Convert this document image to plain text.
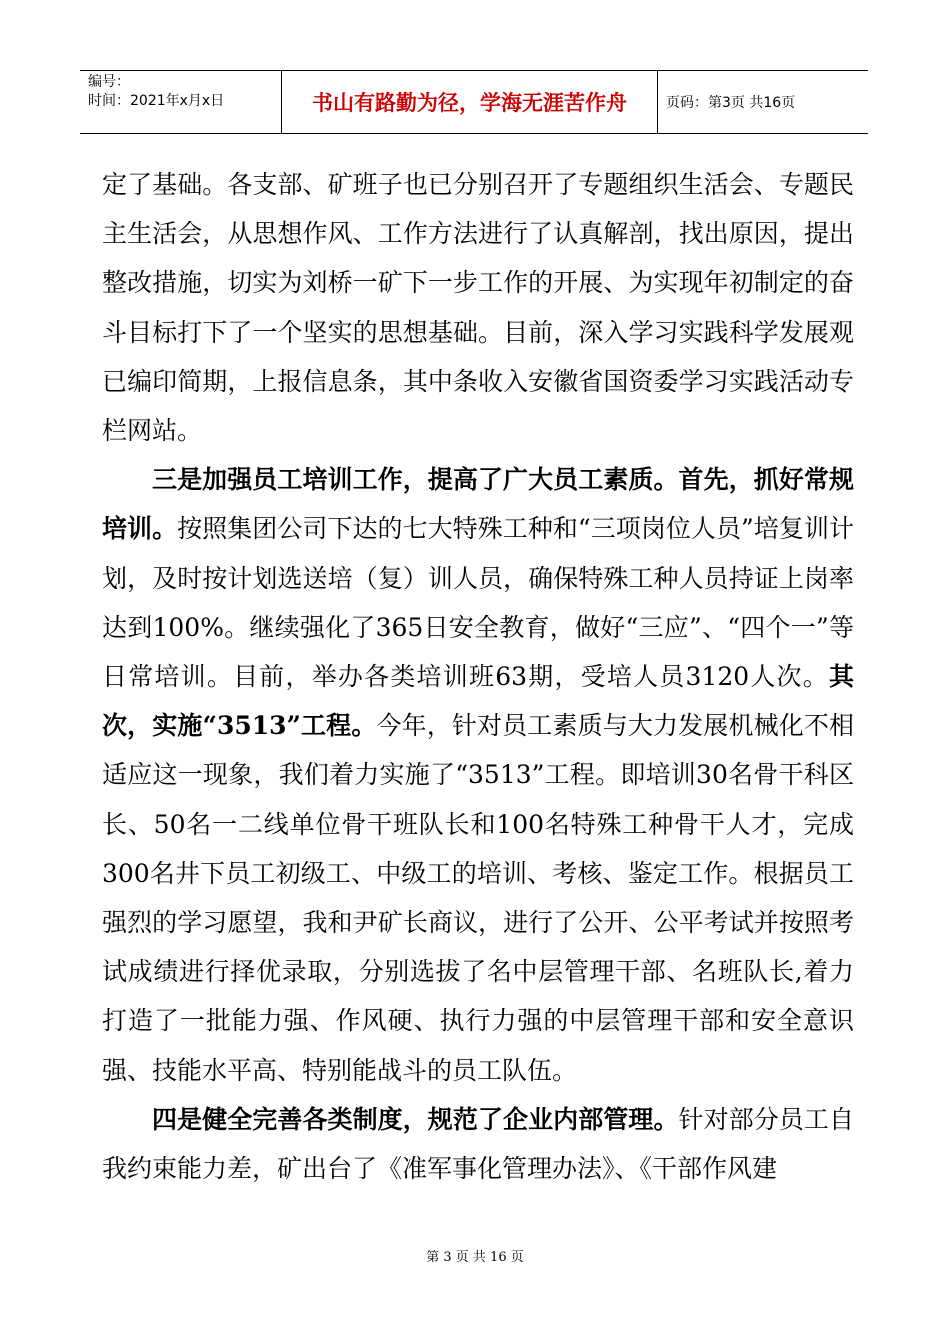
编号：
时间：2021年x月x日	书山有路勤为径，学海无涯苦作舟	页码：第3页 共16页

定了基础。各支部、矿班子也已分别召开了专题组织生活会、专题民主生活会，从思想作风、工作方法进行了认真解剖，找出原因，提出整改措施，切实为刘桥一矿下一步工作的开展、为实现年初制定的奋斗目标打下了一个坚实的思想基础。目前，深入学习实践科学发展观已编印简期，上报信息条，其中条收入安徽省国资委学习实践活动专栏网站。

三是加强员工培训工作，提高了广大员工素质。首先，抓好常规培训。按照集团公司下达的七大特殊工种和“三项岗位人员”培复训计划，及时按计划选送培（复）训人员，确保特殊工种人员持证上岗率达到100%。继续强化了365日安全教育，做好“三应”、“四个一”等日常培训。目前，举办各类培训班63期，受培人员3120人次。其次，实施“3513”工程。今年，针对员工素质与大力发展机械化不相适应这一现象，我们着力实施了“3513”工程。即培训30名骨干科区长、50名一二线单位骨干班队长和100名特殊工种骨干人才，完成300名井下员工初级工、中级工的培训、考核、鉴定工作。根据员工强烈的学习愿望，我和尹矿长商议，进行了公开、公平考试并按照考试成绩进行择优录取，分别选拔了名中层管理干部、名班队长,着力打造了一批能力强、作风硬、执行力强的中层管理干部和安全意识强、技能水平高、特别能战斗的员工队伍。

四是健全完善各类制度，规范了企业内部管理。针对部分员工自我约束能力差，矿出台了《准军事化管理办法》、《干部作风建

第 3 页 共 16 页
